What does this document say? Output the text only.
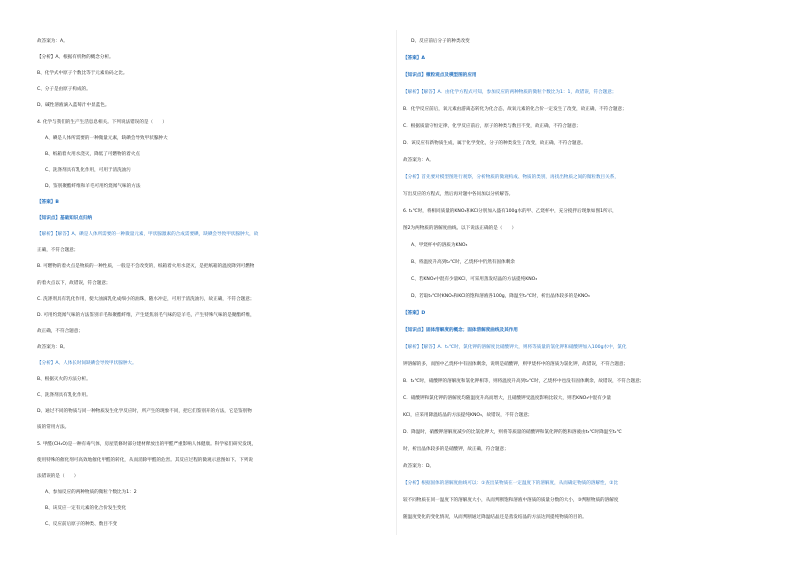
故答案为：A。
【分析】A、根据有机物的概念分析。
B、化学式中原子个数比等于元素角码之比。
C、分子是由原子构成的。
D、碱性溶液滴入蓝莓汁中显蓝色。
4. 化学与我们的生产生活息息相关。下列说法错误的是（　　）
A、碘是人体所需要的一种微量元素，缺碘会导致甲状腺肿大
B、纸箱着火用水浇灭，降低了可燃物的着火点
C、洗涤剂具有乳化作用，可用于清洗油污
D、鉴别聚酯纤维和羊毛可用灼烧闻气味的方法
【答案】B
【知识点】基础知识点归纳
【解析】【解答】A、碘是人体所需要的一种微量元素，甲状腺激素的合成需要碘，缺碘会导致甲状腺肿大，故
正确，不符合题意；
B. 可燃物的着火点是物质的一种性质，一般是不会改变的，纸箱着火用水浇灭，是把纸箱的温度降到可燃物
的着火点以下，故错误，符合题意；
C. 洗涤剂具有乳化作用，使大油滴乳化成细小的油珠，随水冲走，可用于清洗油污，故正确，不符合题意；
D. 可用灼烧闻气味的方法鉴别羊毛和聚酯纤维，产生烧焦羽毛气味的是羊毛，产生特殊气味的是聚酯纤维，
故正确，不符合题意；
故答案为：B。
【分析】A、人体长时间缺碘会导致甲状腺肿大。
B、根据灭火的方法分析。
C、洗涤剂具有乳化作用。
D、通过不同的物质与同一种物质发生化学反应时，所产生的现象不同，把它们鉴别开的方法，它是鉴别物
质的常用方法。
5. 甲醛(CH₂O)是一种有毒气体，房屋装修时部分建材释放出的甲醛严重影响人体健康。科学家们研究发现，
使用特殊的催化剂可高效地催化甲醛的转化，从而消除甲醛的危害。其反应过程的微观示意图如下。下列说
法错误的是（　　）
A、参加反应的两种物质的微粒个数比为1：2
B、该反应一定有元素的化合价发生变化
C、反应前后原子的种类、数目不变
D、反应前后分子的种类改变
【答案】A
【知识点】微粒观点及模型图的应用
【解析】【解答】A．由化学方程式可知，参加反应的两种物质的微粒个数比为1：1，故错误，符合题意；
B．化学反应前后，氧元素由游离态转化为化合态，故氧元素的化合价一定发生了改变，故正确，不符合题意；
C．根据质量守恒定律，化学反应前后，原子的种类与数目不变，故正确，不符合题意；
D．该反应有新物质生成，属于化学变化，分子的种类发生了改变，故正确，不符合题意。
故答案为：A。
【分析】首先要对模型图进行观察，分析物质的微观构成、物质的类别，再找出物质之间的微粒数目关系，
写出反应的方程式，然后再对题中各问加以分析解答。
6. t₁℃时，将相同质量的KNO₃和KCl分别加入盛有100g水的甲、乙烧杯中，充分搅拌后现象如图1所示，
图2为两物质的溶解度曲线。以下说法正确的是（　　）
A、甲烧杯中的溶质为KNO₃
B、将温度升高到t₂℃时，乙烧杯中仍然有固体剩余
C、若KNO₃中混有少量KCl，可采用蒸发结晶的方法提纯KNO₃
D、若取t₃℃时KNO₃和KCl的饱和溶液各100g，降温至t₂℃时，析出晶体较多的是KNO₃
【答案】D
【知识点】固体溶解度的概念；固体溶解度曲线及其作用
【解析】【解答】A．t₁℃时，氯化钾的溶解度比硝酸钾大，则将等质量的氯化钾和硝酸钾加入100g水中，氯化
钾溶解的多，而图中乙烧杯中有固体剩余，说明是硝酸钾，则甲烧杯中的溶质为氯化钾，故错误，不符合题意；
B．t₂℃时，硝酸钾的溶解度和氯化钾相等，则将温度升高到t₂℃时，乙烧杯中也没有固体剩余，故错误，不符合题意；
C．硝酸钾和氯化钾的溶解度均随温度升高而增大，且硝酸钾受温度影响比较大，则若KNO₃中混有少量
KCl，应采用降温结晶的方法提纯KNO₃，故错误，不符合题意；
D．降温时，硝酸钾溶解度减少的比氯化钾大，则将等质量的硝酸钾和氯化钾的饱和溶液由t₃℃时降温至t₂℃
时，析出晶体较多的是硝酸钾，故正确，符合题意；
故答案为：D。
【分析】根据固体的溶解度曲线可以：①查出某物质在一定温度下的溶解度，从而确定物质的溶解性，②比
较不同物质在同一温度下的溶解度大小，从而判断饱和溶液中溶质的质量分数的大小，③判断物质的溶解度
随温度变化的变化情况，从而判断通过降温结晶还是蒸发结晶的方法达到提纯物质的目的。
